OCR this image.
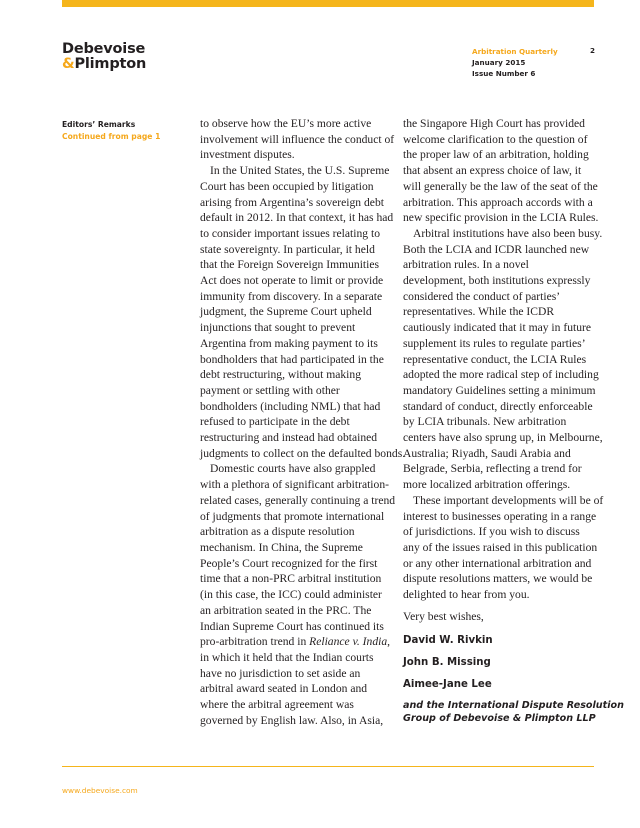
Debevoise
&Plimpton
Arbitration Quarterly
January 2015
Issue Number 6
2
Editors’ Remarks
Continued from page 1

to observe how the EU’s more active
involvement will influence the conduct of
investment disputes.

In the United States, the U.S. Supreme
Court has been occupied by litigation
arising from Argentina’s sovereign debt
default in 2012. In that context, it has had
to consider important issues relating to
state sovereignty. In particular, it held
that the Foreign Sovereign Immunities
Act does not operate to limit or provide
immunity from discovery. In a separate
judgment, the Supreme Court upheld
injunctions that sought to prevent
Argentina from making payment to its
bondholders that had participated in the
debt restructuring, without making
payment or settling with other
bondholders (including NML) that had
refused to participate in the debt
restructuring and instead had obtained
judgments to collect on the defaulted bonds.

Domestic courts have also grappled
with a plethora of significant arbitration-
related cases, generally continuing a trend
of judgments that promote international
arbitration as a dispute resolution
mechanism. In China, the Supreme
People’s Court recognized for the first
time that a non-PRC arbitral institution
(in this case, the ICC) could administer
an arbitration seated in the PRC. The
Indian Supreme Court has continued its
pro-arbitration trend in Reliance v. India,
in which it held that the Indian courts
have no jurisdiction to set aside an
arbitral award seated in London and
where the arbitral agreement was
governed by English law. Also, in Asia,

the Singapore High Court has provided
welcome clarification to the question of
the proper law of an arbitration, holding
that absent an express choice of law, it
will generally be the law of the seat of the
arbitration. This approach accords with a
new specific provision in the LCIA Rules.

Arbitral institutions have also been busy.
Both the LCIA and ICDR launched new
arbitration rules. In a novel
development, both institutions expressly
considered the conduct of parties’
representatives. While the ICDR
cautiously indicated that it may in future
supplement its rules to regulate parties’
representative conduct, the LCIA Rules
adopted the more radical step of including
mandatory Guidelines setting a minimum
standard of conduct, directly enforceable
by LCIA tribunals. New arbitration
centers have also sprung up, in Melbourne,
Australia; Riyadh, Saudi Arabia and
Belgrade, Serbia, reflecting a trend for
more localized arbitration offerings.

These important developments will be of
interest to businesses operating in a range
of jurisdictions. If you wish to discuss
any of the issues raised in this publication
or any other international arbitration and
dispute resolutions matters, we would be
delighted to hear from you.

Very best wishes,

David W. Rivkin
John B. Missing
Aimee-Jane Lee
and the International Dispute Resolution
Group of Debevoise & Plimpton LLP
www.debevoise.com
